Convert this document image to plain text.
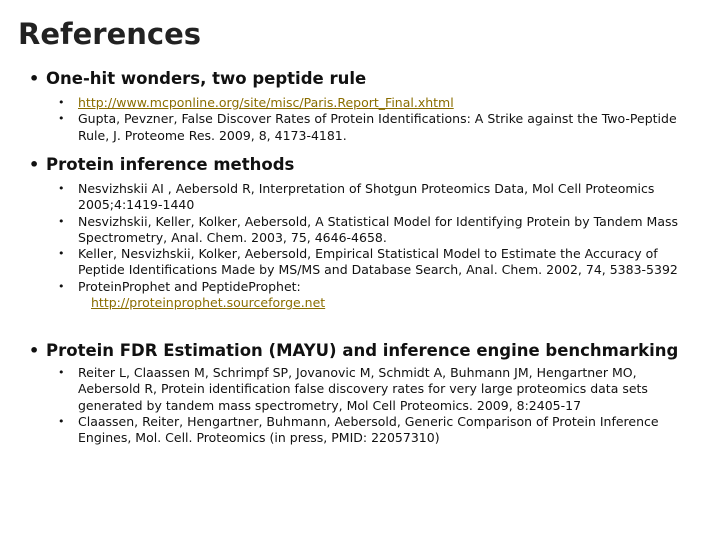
References
• One-hit wonders, two peptide rule
• http://www.mcponline.org/site/misc/Paris.Report_Final.xhtml
• Gupta, Pevzner, False Discover Rates of Protein Identifications: A Strike against the Two-Peptide Rule, J. Proteome Res. 2009, 8, 4173-4181.
• Protein inference methods
• Nesvizhskii AI , Aebersold R, Interpretation of Shotgun Proteomics Data, Mol Cell Proteomics 2005;4:1419-1440
• Nesvizhskii, Keller, Kolker, Aebersold, A Statistical Model for Identifying Protein by Tandem Mass Spectrometry, Anal. Chem. 2003, 75, 4646-4658.
• Keller, Nesvizhskii, Kolker, Aebersold, Empirical Statistical Model to Estimate the Accuracy of Peptide Identifications Made by MS/MS and Database Search, Anal. Chem. 2002, 74, 5383-5392
• ProteinProphet and PeptideProphet:
http://proteinprophet.sourceforge.net
• Protein FDR Estimation (MAYU) and inference engine benchmarking
• Reiter L, Claassen M, Schrimpf SP, Jovanovic M, Schmidt A, Buhmann JM, Hengartner MO, Aebersold R, Protein identification false discovery rates for very large proteomics data sets generated by tandem mass spectrometry, Mol Cell Proteomics. 2009, 8:2405-17
• Claassen, Reiter, Hengartner, Buhmann, Aebersold, Generic Comparison of Protein Inference Engines, Mol. Cell. Proteomics (in press, PMID: 22057310)
